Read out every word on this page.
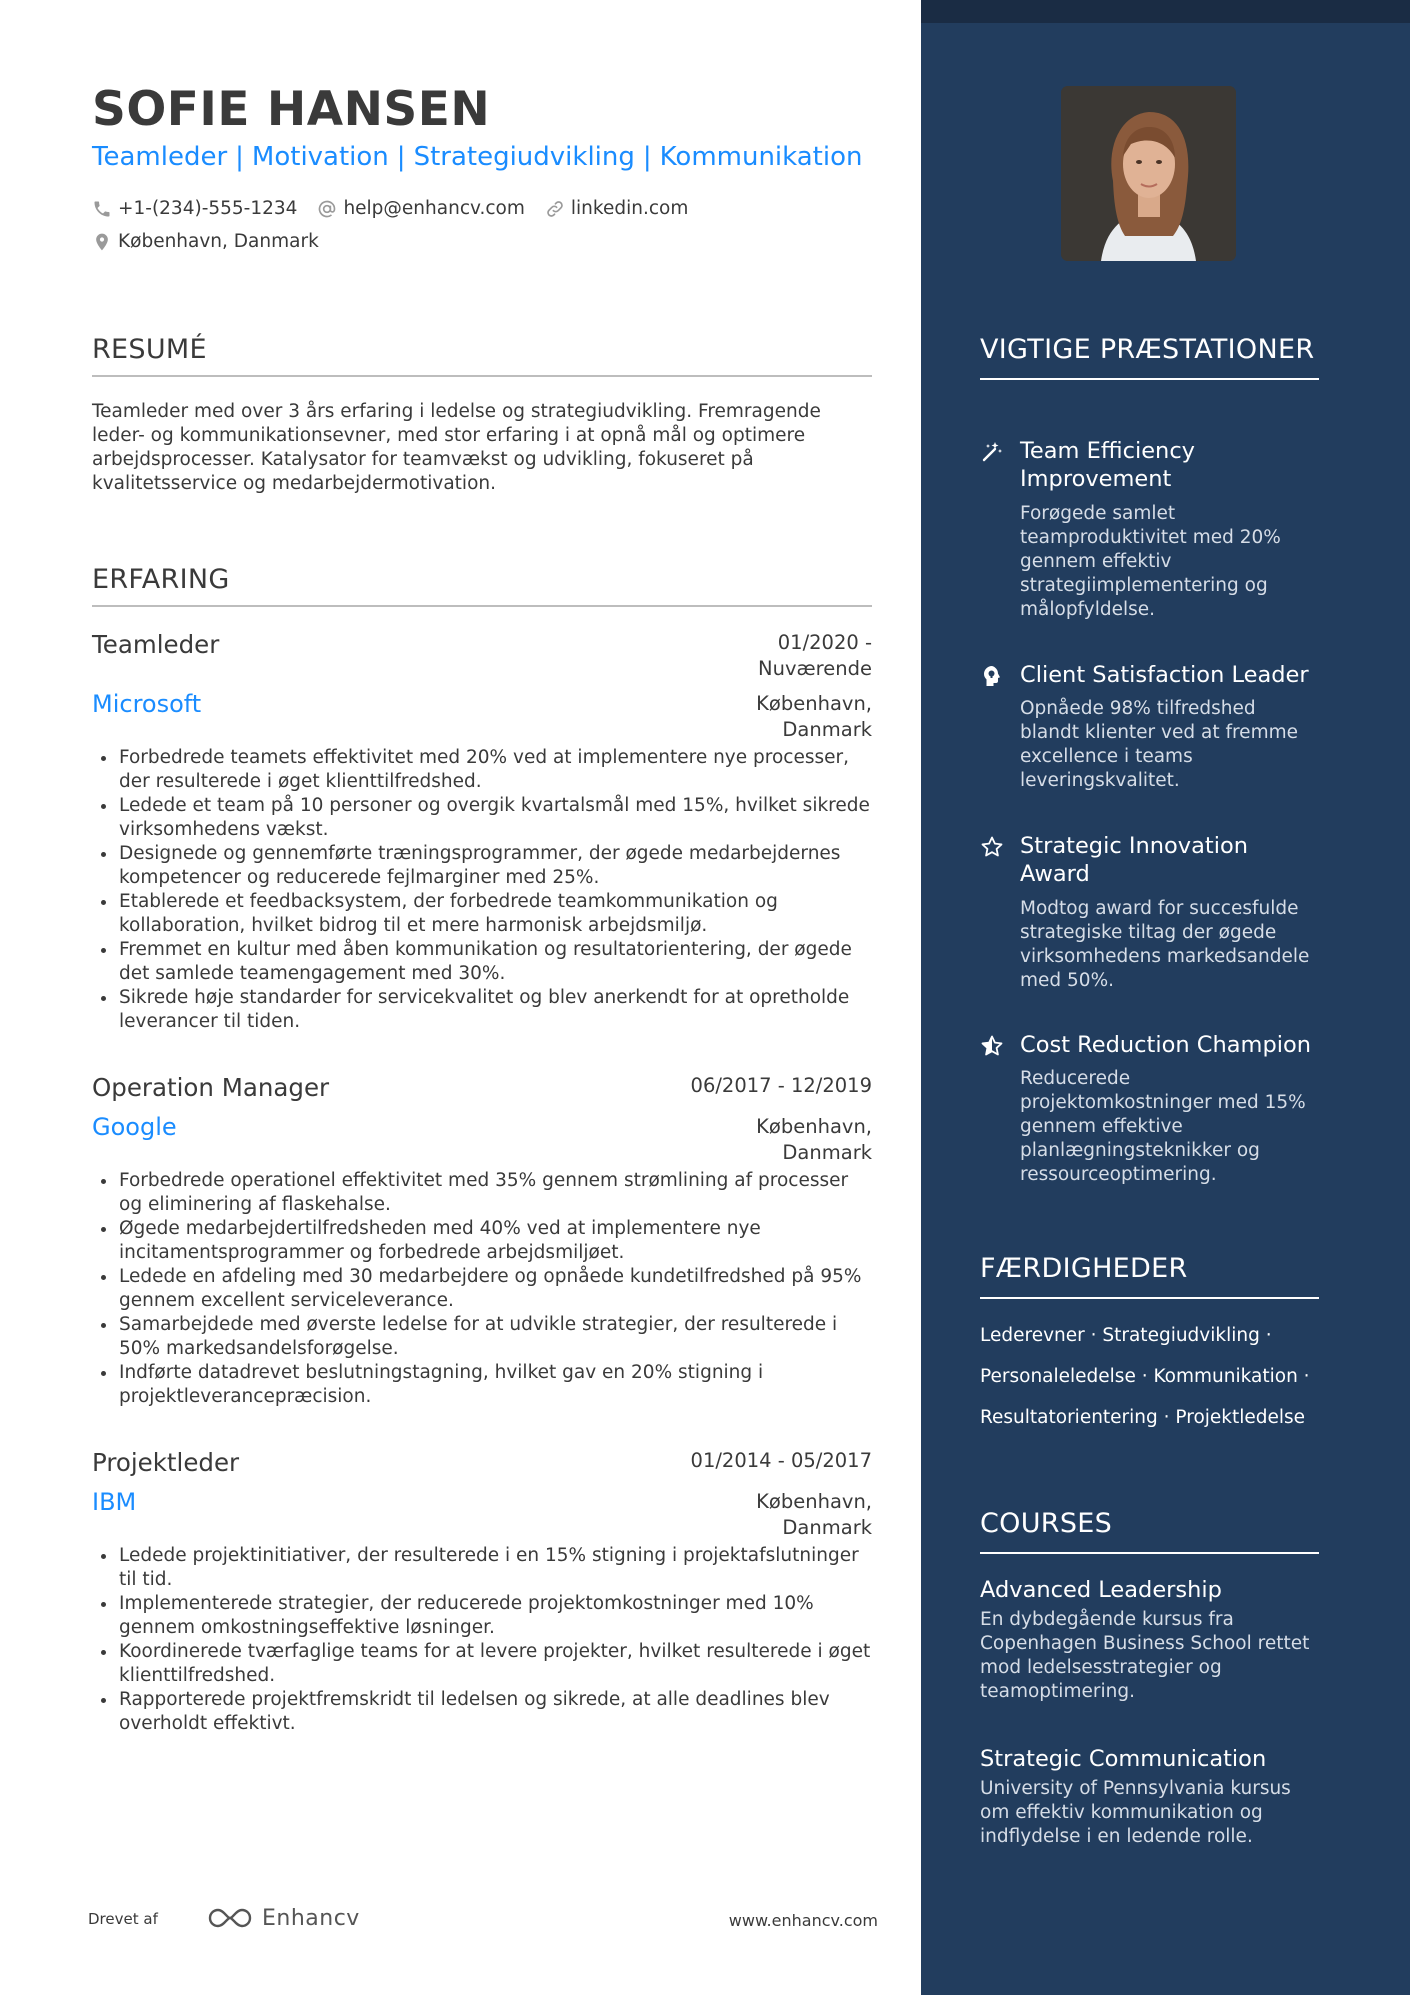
SOFIE HANSEN
Teamleder | Motivation | Strategiudvikling | Kommunikation
+1-(234)-555-1234 help@enhancv.com linkedin.com
København, Danmark
RESUMÉ
Teamleder med over 3 års erfaring i ledelse og strategiudvikling. Fremragende leder- og kommunikationsevner, med stor erfaring i at opnå mål og optimere arbejdsprocesser. Katalysator for teamvækst og udvikling, fokuseret på kvalitetsservice og medarbejdermotivation.
ERFARING
Teamleder	01/2020 -
Nuværende
Microsoft	København,
Danmark
Forbedrede teamets effektivitet med 20% ved at implementere nye processer, der resulterede i øget klienttilfredshed.
Ledede et team på 10 personer og overgik kvartalsmål med 15%, hvilket sikrede virksomhedens vækst.
Designede og gennemførte træningsprogrammer, der øgede medarbejdernes kompetencer og reducerede fejlmarginer med 25%.
Etablerede et feedbacksystem, der forbedrede teamkommunikation og kollaboration, hvilket bidrog til et mere harmonisk arbejdsmiljø.
Fremmet en kultur med åben kommunikation og resultatorientering, der øgede det samlede teamengagement med 30%.
Sikrede høje standarder for servicekvalitet og blev anerkendt for at opretholde leverancer til tiden.
Operation Manager	06/2017 - 12/2019
Google	København,
Danmark
Forbedrede operationel effektivitet med 35% gennem strømlining af processer og eliminering af flaskehalse.
Øgede medarbejdertilfredsheden med 40% ved at implementere nye incitamentsprogrammer og forbedrede arbejdsmiljøet.
Ledede en afdeling med 30 medarbejdere og opnåede kundetilfredshed på 95% gennem excellent serviceleverance.
Samarbejdede med øverste ledelse for at udvikle strategier, der resulterede i 50% markedsandelsforøgelse.
Indførte datadrevet beslutningstagning, hvilket gav en 20% stigning i projektleverancepræcision.
Projektleder	01/2014 - 05/2017
IBM	København,
Danmark
Ledede projektinitiativer, der resulterede i en 15% stigning i projektafslutninger til tid.
Implementerede strategier, der reducerede projektomkostninger med 10% gennem omkostningseffektive løsninger.
Koordinerede tværfaglige teams for at levere projekter, hvilket resulterede i øget klienttilfredshed.
Rapporterede projektfremskridt til ledelsen og sikrede, at alle deadlines blev overholdt effektivt.
Drevet af	Enhancv	www.enhancv.com
VIGTIGE PRÆSTATIONER
Team Efficiency Improvement
Forøgede samlet teamproduktivitet med 20% gennem effektiv strategiimplementering og målopfyldelse.
Client Satisfaction Leader
Opnåede 98% tilfredshed blandt klienter ved at fremme excellence i teams leveringskvalitet.
Strategic Innovation Award
Modtog award for succesfulde strategiske tiltag der øgede virksomhedens markedsandele med 50%.
Cost Reduction Champion
Reducerede projektomkostninger med 15% gennem effektive planlægningsteknikker og ressourceoptimering.
FÆRDIGHEDER
Lederevner · Strategiudvikling ·
Personaleledelse · Kommunikation ·
Resultatorientering · Projektledelse
COURSES
Advanced Leadership
En dybdegående kursus fra Copenhagen Business School rettet mod ledelsesstrategier og teamoptimering.
Strategic Communication
University of Pennsylvania kursus om effektiv kommunikation og indflydelse i en ledende rolle.
